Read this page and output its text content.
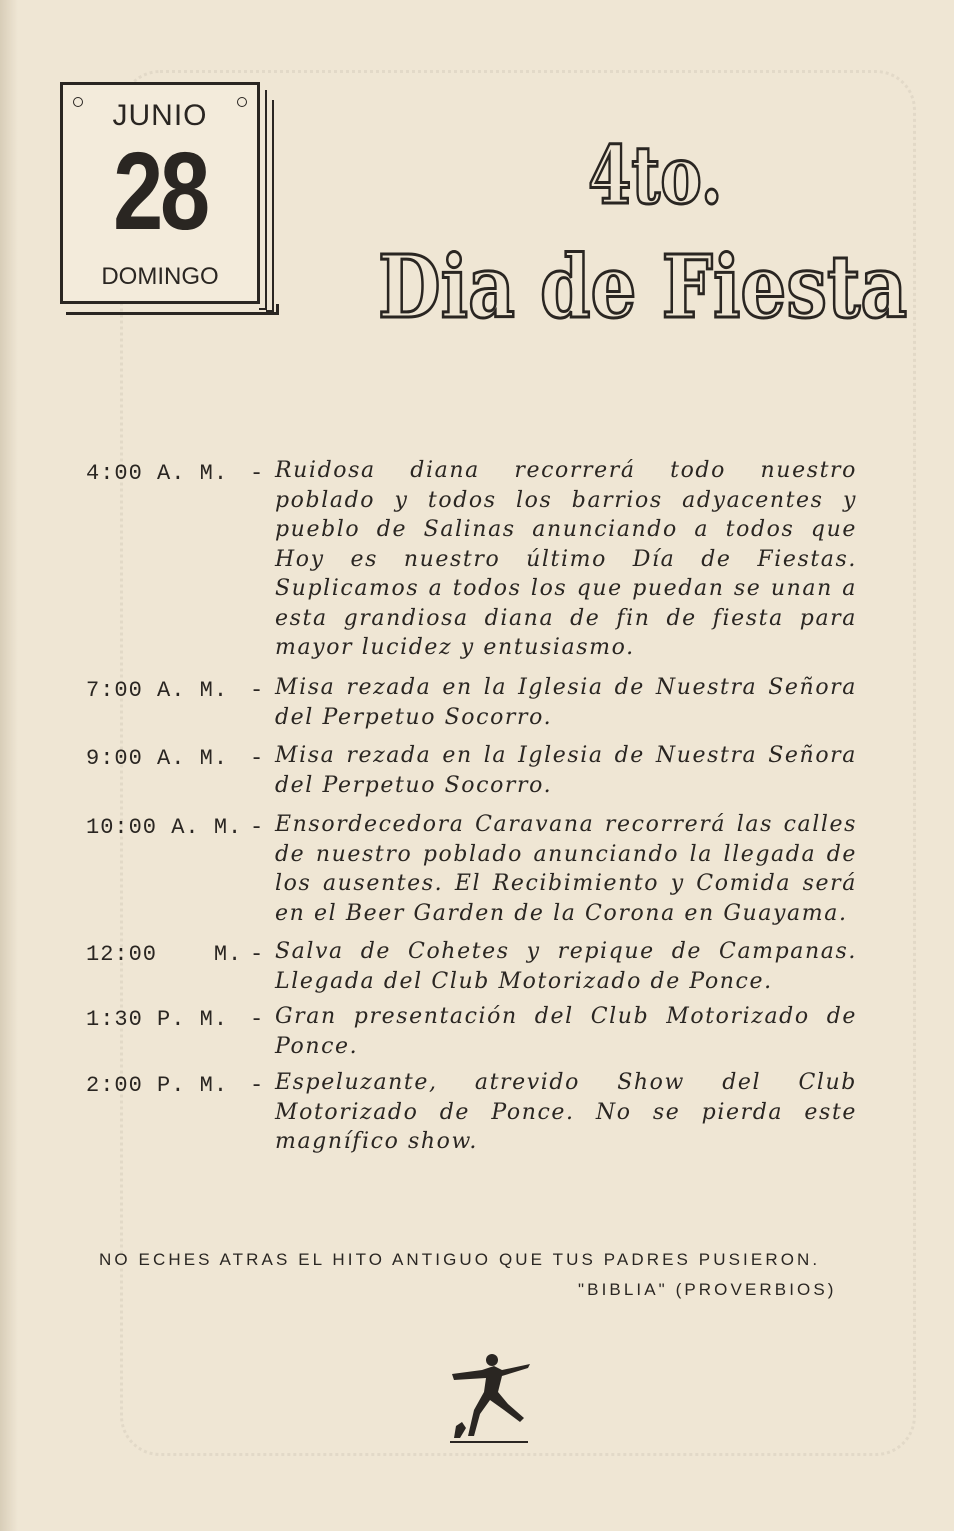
JUNIO
28
DOMINGO
4to.
Dia de Fiesta
4:00 A. M. - Ruidosa diana recorrerá todo nuestro poblado y todos los barrios adyacentes y pueblo de Salinas anunciando a todos que Hoy es nuestro último Día de Fiestas. Suplicamos a todos los que puedan se unan a esta grandiosa diana de fin de fiesta para mayor lucidez y entusiasmo.
7:00 A. M. - Misa rezada en la Iglesia de Nuestra Señora del Perpetuo Socorro.
9:00 A. M. - Misa rezada en la Iglesia de Nuestra Señora del Perpetuo Socorro.
10:00 A. M. - Ensordecedora Caravana recorrerá las calles de nuestro poblado anunciando la llegada de los ausentes. El Recibimiento y Comida será en el Beer Garden de la Corona en Guayama.
12:00    M. - Salva de Cohetes y repique de Campanas. Llegada del Club Motorizado de Ponce.
1:30 P. M. - Gran presentación del Club Motorizado de Ponce.
2:00 P. M. - Espeluzante, atrevido Show del Club Motorizado de Ponce. No se pierda este magnífico show.
NO ECHES ATRAS EL HITO ANTIGUO QUE TUS PADRES PUSIERON.
"BIBLIA" (PROVERBIOS)
